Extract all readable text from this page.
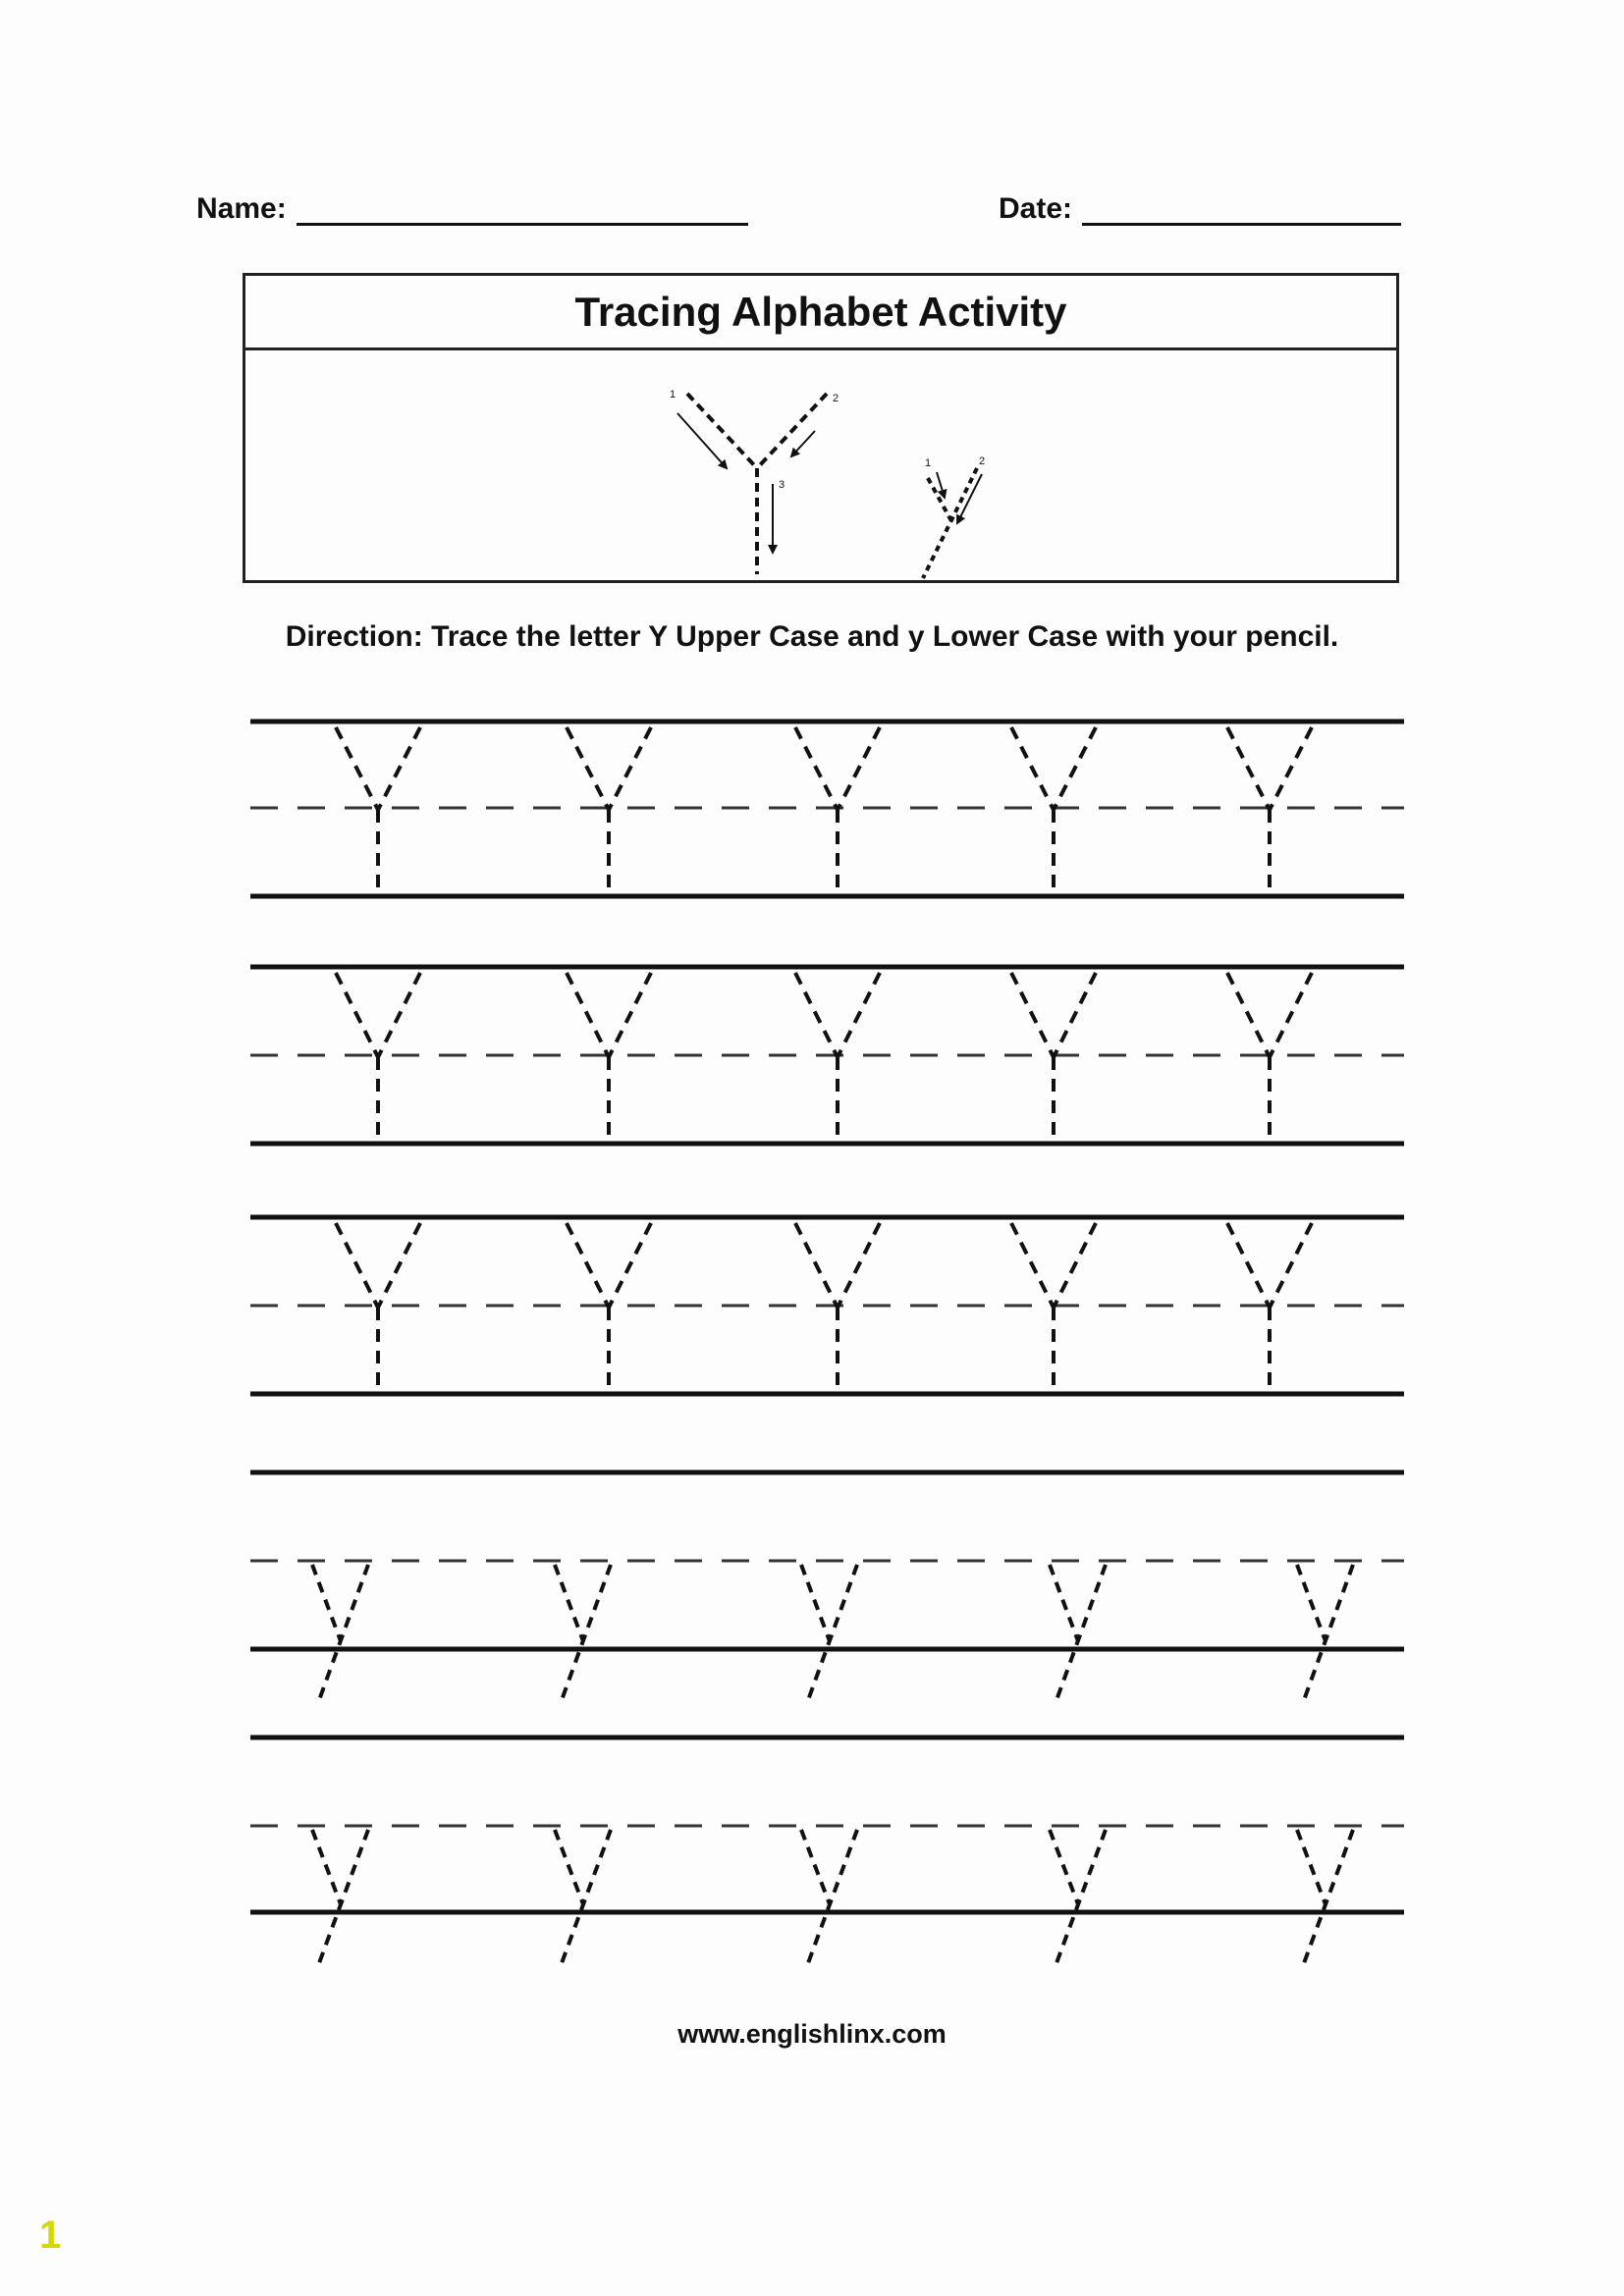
Name:	Date:
Tracing Alphabet Activity
1	2
3
1	2
Direction: Trace the letter Y Upper Case and y Lower Case with your pencil.
www.englishlinx.com
1
